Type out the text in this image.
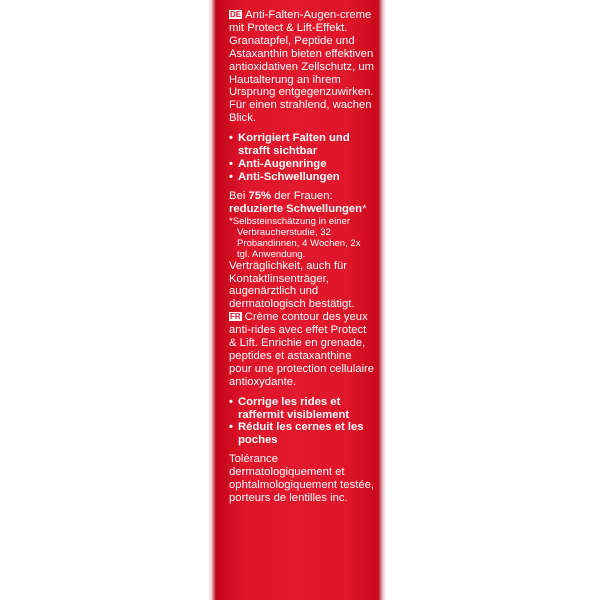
DE Anti-Falten-Augen-creme mit Protect & Lift-Effekt. Granatapfel, Peptide und Astaxanthin bieten effektiven antioxidativen Zellschutz, um Hautalterung an ihrem Ursprung entgegenzuwirken. Für einen strahlend, wachen Blick.

• Korrigiert Falten und strafft sichtbar
• Anti-Augenringe
• Anti-Schwellungen

Bei 75% der Frauen: reduzierte Schwellungen*

*Selbsteinschätzung in einer
Verbraucherstudie, 32 Probandinnen, 4 Wochen, 2x tgl. Anwendung.

Verträglichkeit, auch für Kontaktlinsenträger, augenärztlich und dermatologisch bestätigt.

FR Crème contour des yeux anti-rides avec effet Protect & Lift. Enrichie en grenade, peptides et astaxanthine pour une protection cellulaire antioxydante.

• Corrige les rides et raffermit visiblement
• Réduit les cernes et les poches

Tolérance dermatologiquement et ophtalmologiquement testée, porteurs de lentilles inc.
